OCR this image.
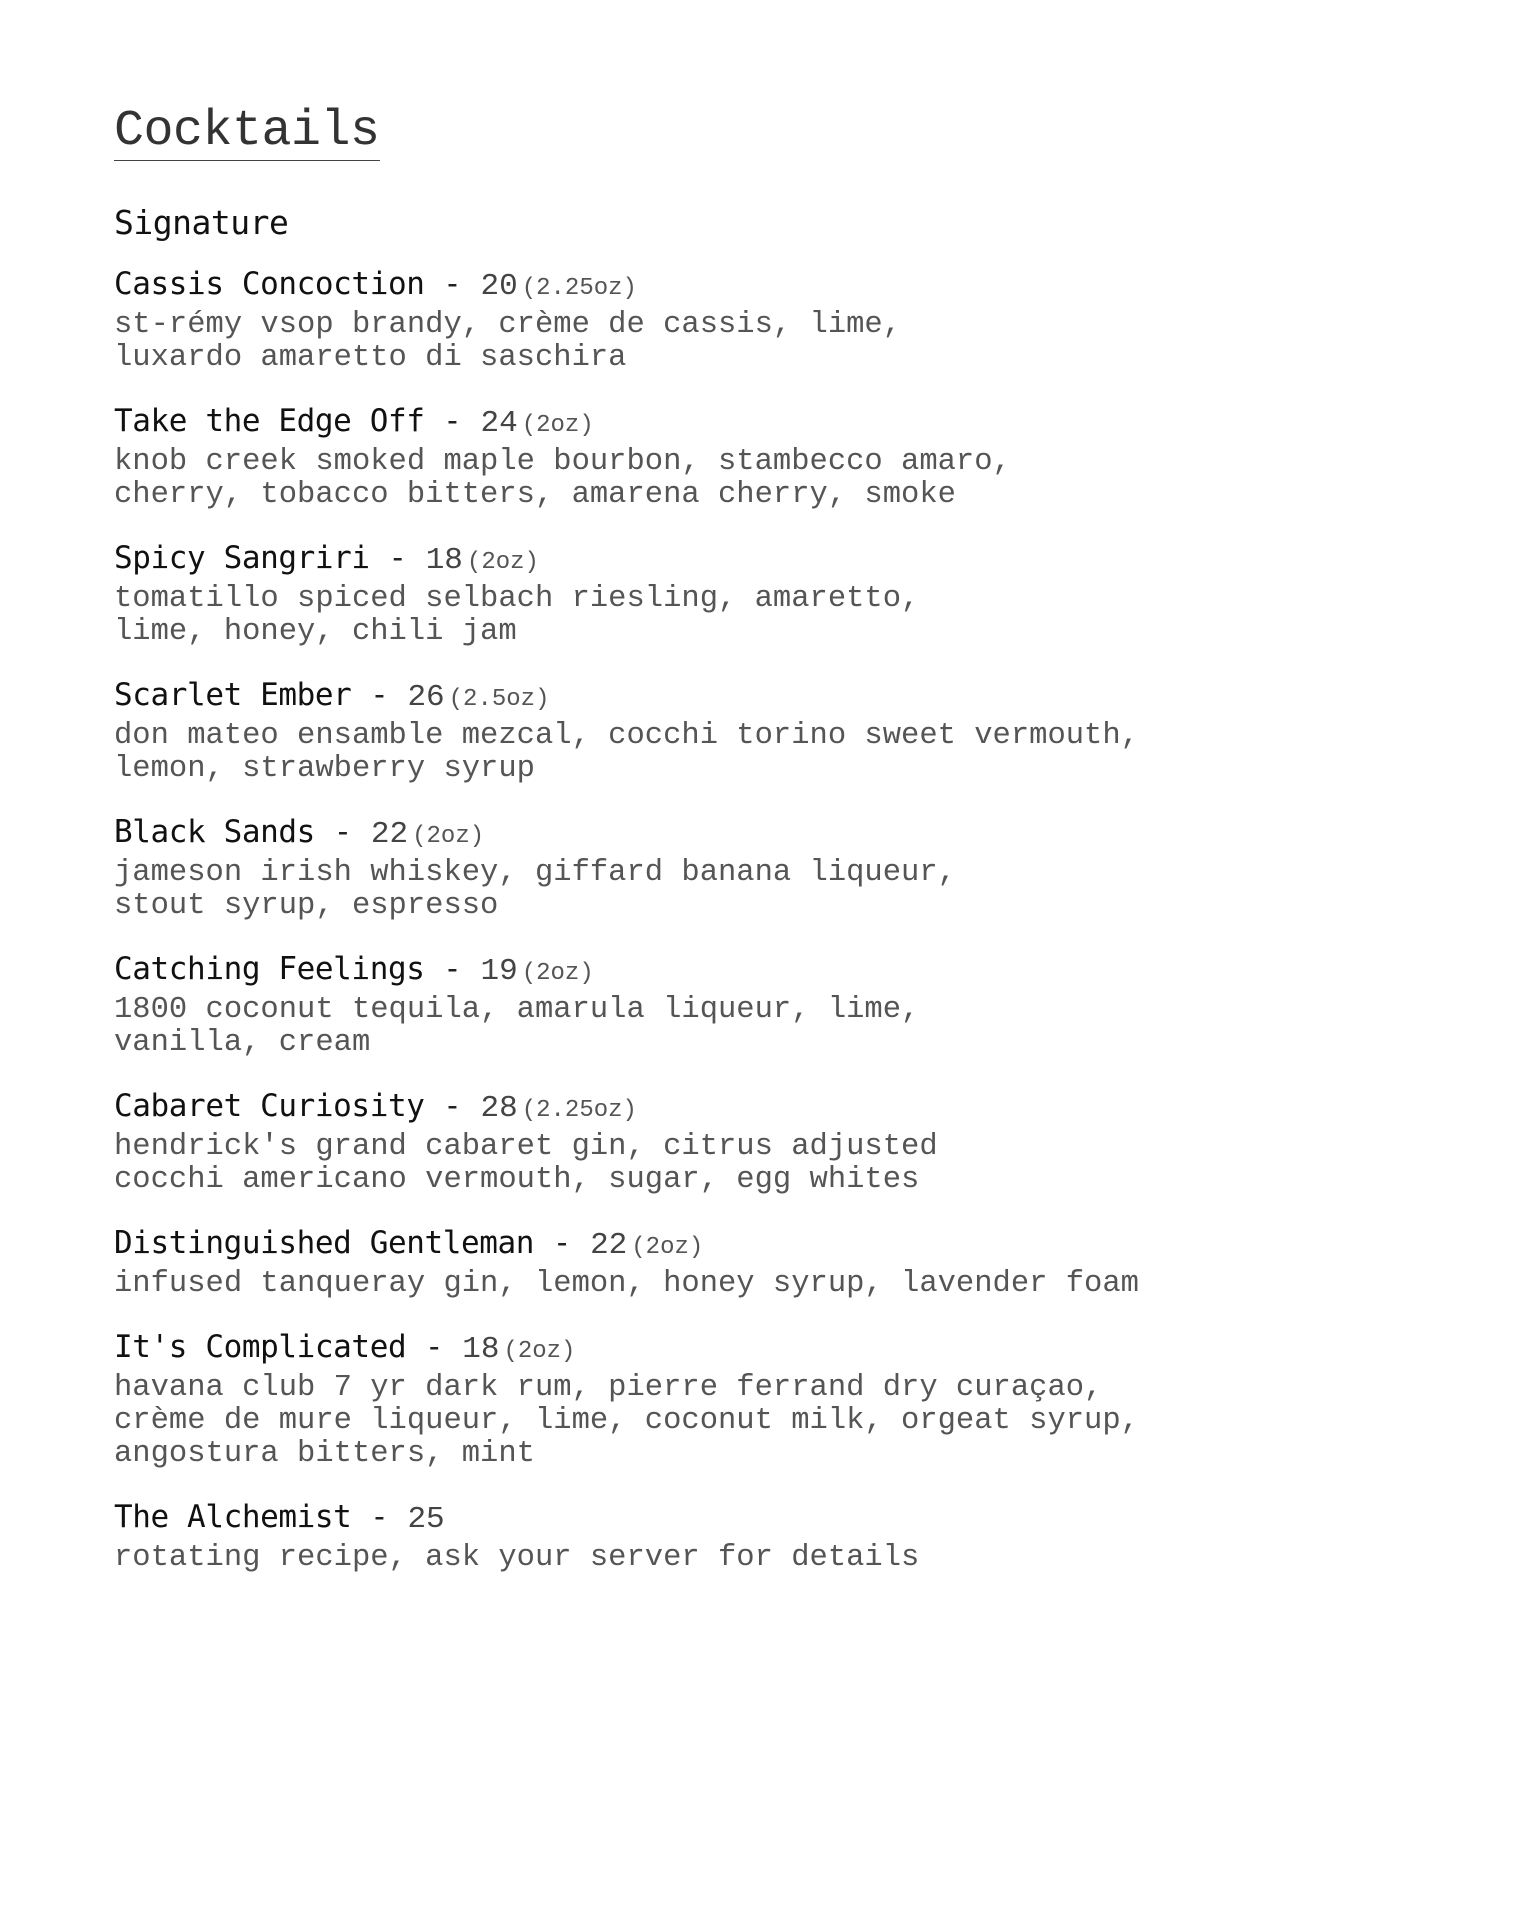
Cocktails
Signature
Cassis Concoction - 20 (2.25oz)

st-rémy vsop brandy, crème de cassis, lime,
luxardo amaretto di saschira

Take the Edge Off - 24 (2oz)

knob creek smoked maple bourbon, stambecco amaro,
cherry, tobacco bitters, amarena cherry, smoke

Spicy Sangriri - 18 (2oz)

tomatillo spiced selbach riesling, amaretto,
lime, honey, chili jam

Scarlet Ember - 26 (2.5oz)

don mateo ensamble mezcal, cocchi torino sweet vermouth,
lemon, strawberry syrup

Black Sands - 22 (2oz)

jameson irish whiskey, giffard banana liqueur,
stout syrup, espresso

Catching Feelings - 19 (2oz)

1800 coconut tequila, amarula liqueur, lime,
vanilla, cream

Cabaret Curiosity - 28 (2.25oz)

hendrick's grand cabaret gin, citrus adjusted
cocchi americano vermouth, sugar, egg whites

Distinguished Gentleman - 22 (2oz)

infused tanqueray gin, lemon, honey syrup, lavender foam

It's Complicated - 18 (2oz)

havana club 7 yr dark rum, pierre ferrand dry curaçao,
crème de mure liqueur, lime, coconut milk, orgeat syrup,
angostura bitters, mint

The Alchemist - 25

rotating recipe, ask your server for details
